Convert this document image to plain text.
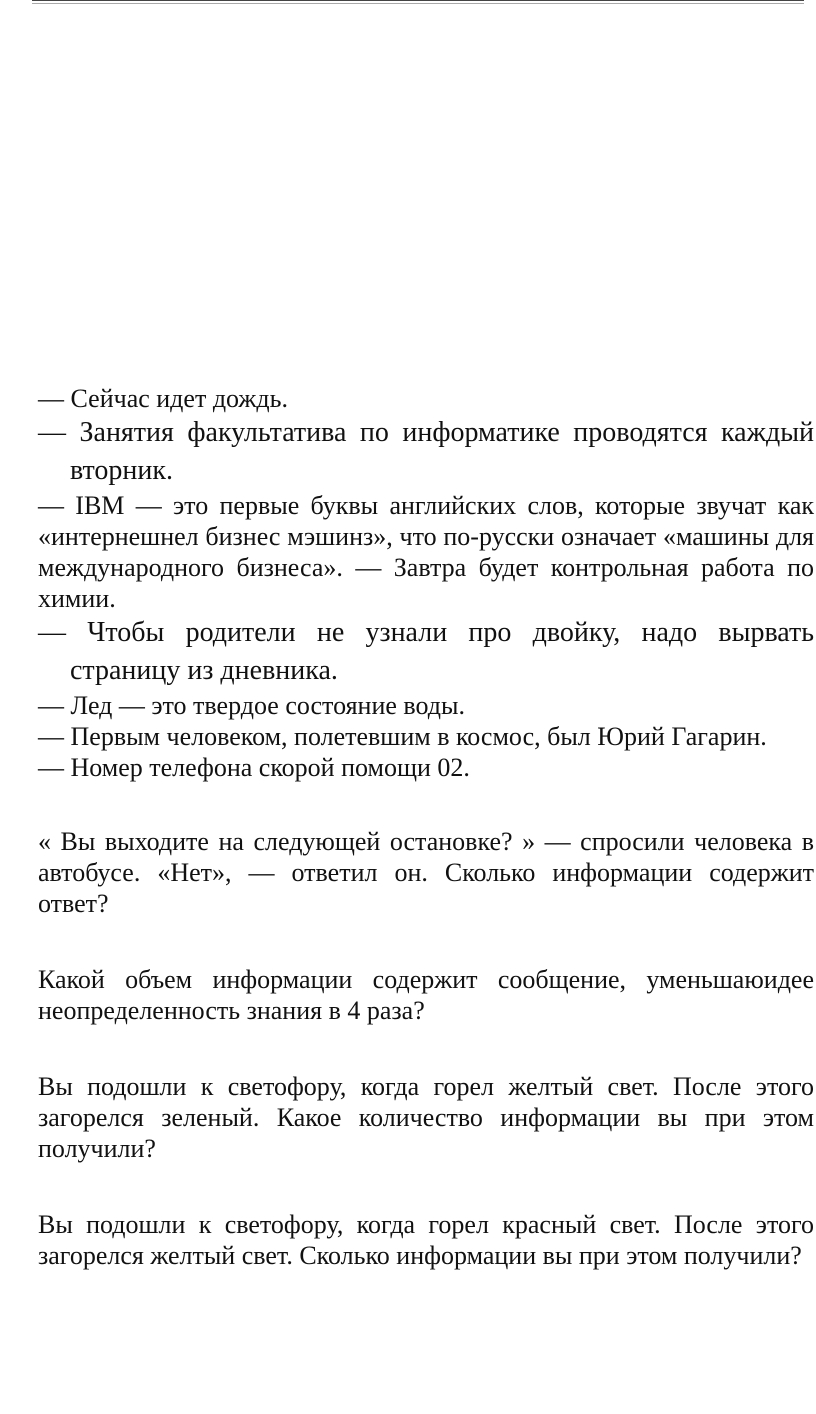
— Сейчас идет дождь.

— Занятия факультатива по информатике проводятся каждый вторник.

— IBM — это первые буквы английских слов, которые звучат как «интернешнел бизнес мэшинз», что по-русски означает «машины для международного бизнеса». — Завтра будет контрольная работа по химии.

— Чтобы родители не узнали про двойку, надо вырвать страницу из дневника.

— Лед — это твердое состояние воды.

— Первым человеком, полетевшим в космос, был Юрий Гагарин.

— Номер телефона скорой помощи 02.

« Вы выходите на следующей остановке? » — спросили человека в автобусе. «Нет», — ответил он. Сколько информации содержит ответ?

Какой объем информации содержит сообщение, уменьшаюидее неопределенность знания в 4 раза?

Вы подошли к светофору, когда горел желтый свет. После этого загорелся зеленый. Какое количество информации вы при этом получили?

Вы подошли к светофору, когда горел красный свет. После этого загорелся желтый свет. Сколько информации вы при этом получили?
